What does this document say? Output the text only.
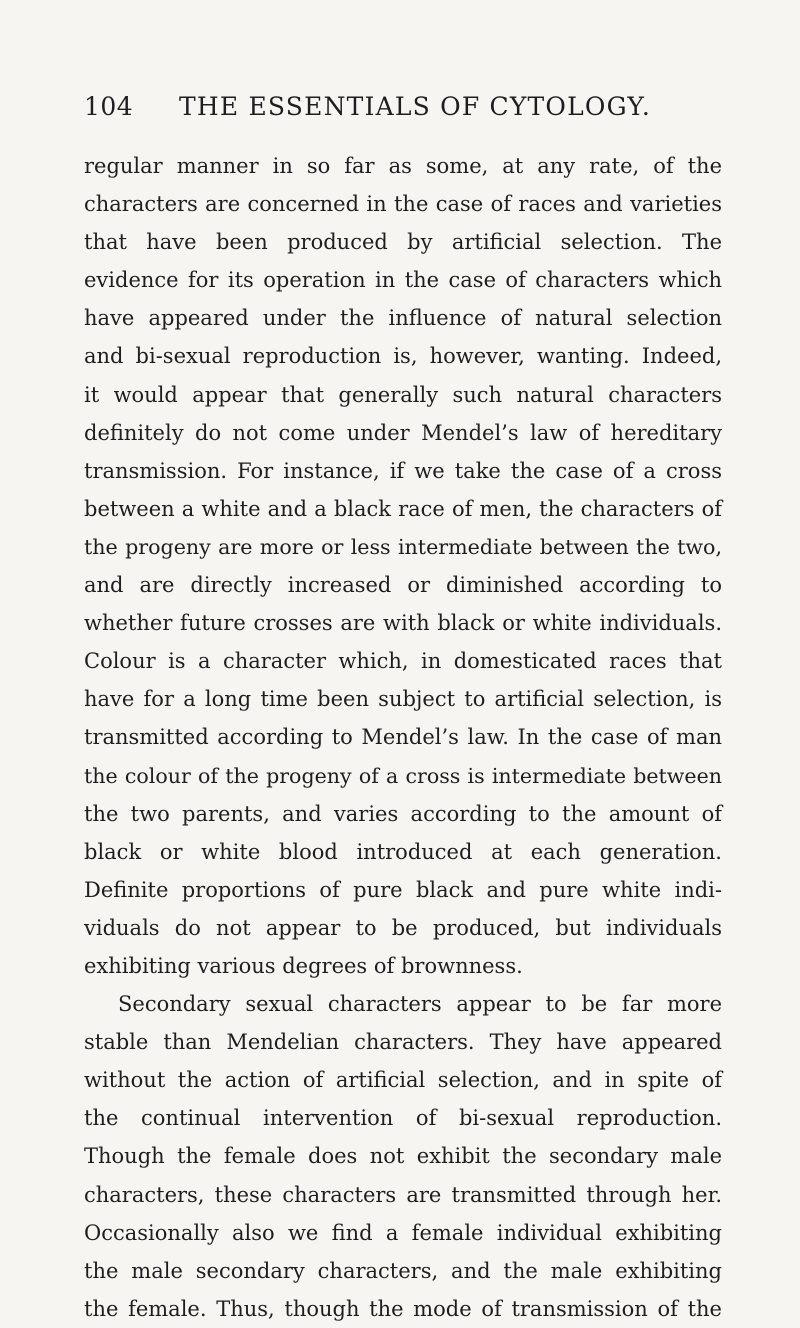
104 THE ESSENTIALS OF CYTOLOGY.
regular manner in so far as some, at any rate, of the
characters are concerned in the case of races and varieties
that have been produced by artificial selection. The
evidence for its operation in the case of characters which
have appeared under the influence of natural selection
and bi-sexual reproduction is, however, wanting. Indeed,
it would appear that generally such natural characters
definitely do not come under Mendel’s law of hereditary
transmission. For instance, if we take the case of a cross
between a white and a black race of men, the characters of
the progeny are more or less intermediate between the two,
and are directly increased or diminished according to
whether future crosses are with black or white individuals.
Colour is a character which, in domesticated races that
have for a long time been subject to artificial selection, is
transmitted according to Mendel’s law. In the case of man
the colour of the progeny of a cross is intermediate between
the two parents, and varies according to the amount of
black or white blood introduced at each generation.
Definite proportions of pure black and pure white indi-
viduals do not appear to be produced, but individuals
exhibiting various degrees of brownness.
Secondary sexual characters appear to be far more
stable than Mendelian characters. They have appeared
without the action of artificial selection, and in spite of
the continual intervention of bi-sexual reproduction.
Though the female does not exhibit the secondary male
characters, these characters are transmitted through her.
Occasionally also we find a female individual exhibiting
the male secondary characters, and the male exhibiting
the female. Thus, though the mode of transmission of the
